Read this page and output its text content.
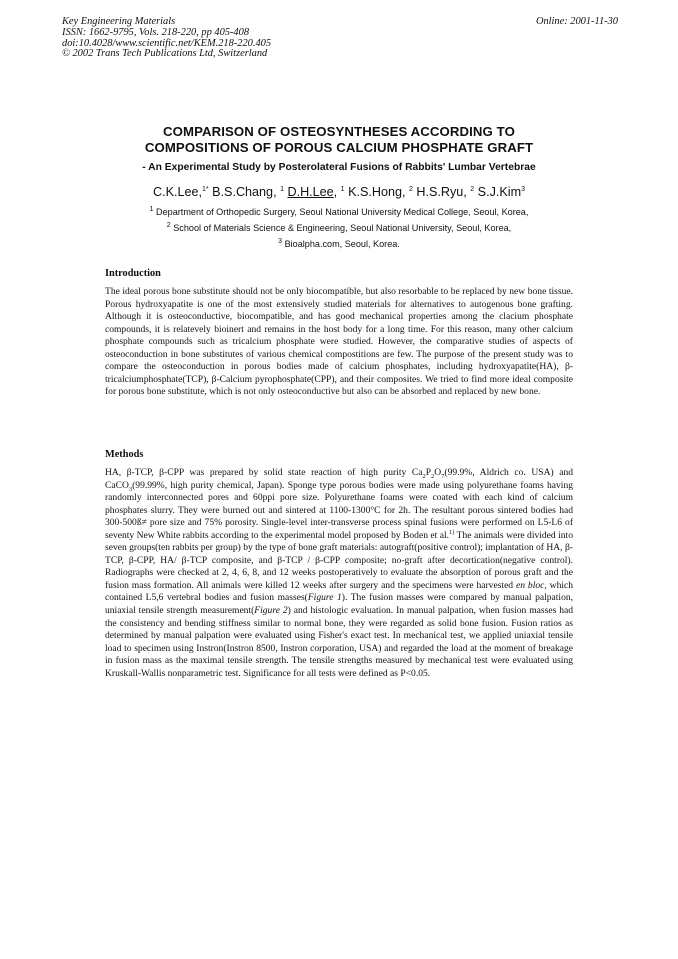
Key Engineering Materials
ISSN: 1662-9795, Vols. 218-220, pp 405-408
doi:10.4028/www.scientific.net/KEM.218-220.405
© 2002 Trans Tech Publications Ltd, Switzerland
Online: 2001-11-30
COMPARISON OF OSTEOSYNTHESES ACCORDING TO
COMPOSITIONS OF POROUS CALCIUM PHOSPHATE GRAFT
- An Experimental Study by Posterolateral Fusions of Rabbits' Lumbar Vertebrae
C.K.Lee,$^{1*}$ B.S.Chang, $^1$ D.H.Lee, $^1$ K.S.Hong, $^2$ H.S.Ryu, $^2$ S.J.Kim$^3$
$^1$ Department of Orthopedic Surgery, Seoul National University Medical College, Seoul, Korea,
$^2$ School of Materials Science & Engineering, Seoul National University, Seoul, Korea,
$^3$ Bioalpha.com, Seoul, Korea.
Introduction
The ideal porous bone substitute should not be only biocompatible, but also resorbable to be replaced by new bone tissue. Porous hydroxyapatite is one of the most extensively studied materials for alternatives to autogenous bone grafting. Although it is osteoconductive, biocompatible, and has good mechanical properties among the clacium phosphate compounds, it is relatevely bioinert and remains in the host body for a long time. For this reason, many other calcium phosphate compounds such as tricalcium phosphate were studied. However, the comparative studies of aspects of osteoconduction in bone substitutes of various chemical compostitions are few. The purpose of the present study was to compare the osteoconduction in porous bodies made of calcium phosphates, including hydroxyapatite(HA), β-tricalciumphosphate(TCP), β-Calcium pyrophosphate(CPP), and their composites. We tried to find more ideal composite for porous bone substitute, which is not only osteoconductive but also can be absorbed and replaced by new bone.
Methods
HA, β-TCP, β-CPP was prepared by solid state reaction of high purity $Ca_2P_2O_7(99.9\%$, Aldrich co. USA) and CaCO$_3$(99.99%, high purity chemical, Japan). Sponge type porous bodies were made using polyurethane foams having randomly interconnected pores and 60ppi pore size. Polyurethane foams were coated with each kind of calcium phosphates slurry. They were burned out and sintered at 1100-1300°C for 2h. The resultant porous sintered bodies had 300-500ß≠ pore size and 75% porosity. Single-level inter-transverse process spinal fusions were performed on L5-L6 of seventy New White rabbits according to the experimental model proposed by Boden et al.$^{1)}$ The animals were divided into seven groups(ten rabbits per group) by the type of bone graft materials: autograft(positive control); implantation of HA, β-TCP, β-CPP, HA/ β-TCP composite, and β-TCP / β-CPP composite; no-graft after decortication(negative control). Radiographs were checked at 2, 4, 6, 8, and 12 weeks postoperatively to evaluate the absorption of porous graft and the fusion mass formation. All animals were killed 12 weeks after surgery and the specimens were harvested en bloc, which contained L5,6 vertebral bodies and fusion masses(Figure 1). The fusion masses were compared by manual palpation, uniaxial tensile strength measurement(Figure 2) and histologic evaluation. In manual palpation, when fusion masses had the consistency and bending stiffness similar to normal bone, they were regarded as solid bone fusion. Fusion ratios as determined by manual palpation were evaluated using Fisher's exact test. In mechanical test, we applied uniaxial tensile load to specimen using Instron(Instron 8500, Instron corporation, USA) and regarded the load at the moment of breakage in fusion mass as the maximal tensile strength. The tensile strengths measured by mechanical test were evaluated using Kruskall-Wallis nonparametric test. Significance for all tests were defined as P<0.05.
